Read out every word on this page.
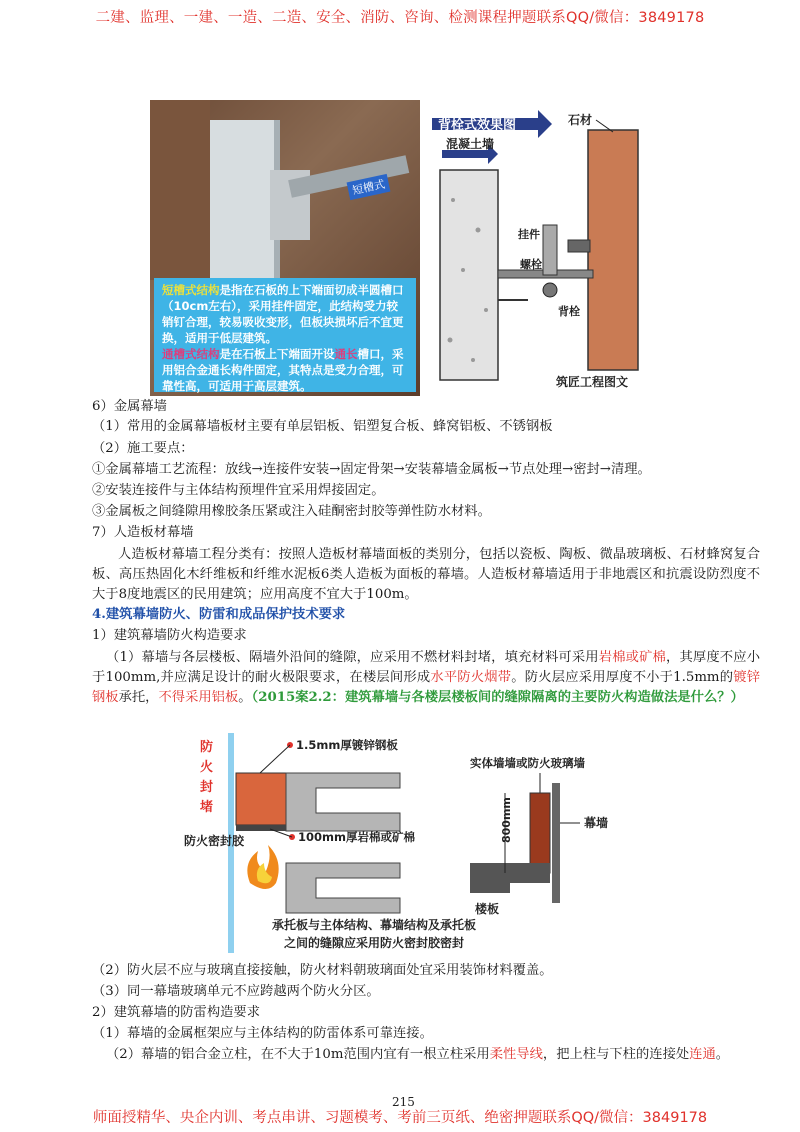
二建、监理、一建、一造、二造、安全、消防、咨询、检测课程押题联系QQ/微信：3849178
短槽式
短槽式结构是指在石板的上下端面切成半圆槽口（10cm左右），采用挂件固定，此结构受力较销钉合理，较易吸收变形，但板块损坏后不宜更换，适用于低层建筑。
通槽式结构是在石板上下端面开设通长槽口，采用铝合金通长构件固定，其特点是受力合理，可靠性高，可适用于高层建筑。
背栓式效果图	石材
混凝土墙
挂件
螺栓
背栓
筑匠工程图文
6）金属幕墙
（1）常用的金属幕墙板材主要有单层铝板、铝塑复合板、蜂窝铝板、不锈钢板
（2）施工要点：
①金属幕墙工艺流程：放线→连接件安装→固定骨架→安装幕墙金属板→节点处理→密封→清理。
②安装连接件与主体结构预埋件宜采用焊接固定。
③金属板之间缝隙用橡胶条压紧或注入硅酮密封胶等弹性防水材料。
7）人造板材幕墙
人造板材幕墙工程分类有：按照人造板材幕墙面板的类别分，包括以瓷板、陶板、微晶玻璃板、石材蜂窝复合板、高压热固化木纤维板和纤维水泥板6类人造板为面板的幕墙。人造板材幕墙适用于非地震区和抗震设防烈度不大于8度地震区的民用建筑；应用高度不宜大于100m。
4.建筑幕墙防火、防雷和成品保护技术要求
1）建筑幕墙防火构造要求
（1）幕墙与各层楼板、隔墙外沿间的缝隙，应采用不燃材料封堵，填充材料可采用岩棉或矿棉，其厚度不应小于100mm,并应满足设计的耐火极限要求，在楼层间形成水平防火烟带。防火层应采用厚度不小于1.5mm的镀锌钢板承托，不得采用铝板。（2015案2.2：建筑幕墙与各楼层楼板间的缝隙隔离的主要防火构造做法是什么？）
防
火
封
堵
防火密封胶
1.5mm厚镀锌钢板
100mm厚岩棉或矿棉
承托板与主体结构、幕墙结构及承托板
之间的缝隙应采用防火密封胶密封
实体墙墙或防火玻璃墙
800mm	幕墙
楼板
（2）防火层不应与玻璃直接接触，防火材料朝玻璃面处宜采用装饰材料覆盖。
（3）同一幕墙玻璃单元不应跨越两个防火分区。
2）建筑幕墙的防雷构造要求
（1）幕墙的金属框架应与主体结构的防雷体系可靠连接。
（2）幕墙的铝合金立柱，在不大于10m范围内宜有一根立柱采用柔性导线，把上柱与下柱的连接处连通。
215
师面授精华、央企内训、考点串讲、习题模考、考前三页纸、绝密押题联系QQ/微信：3849178
